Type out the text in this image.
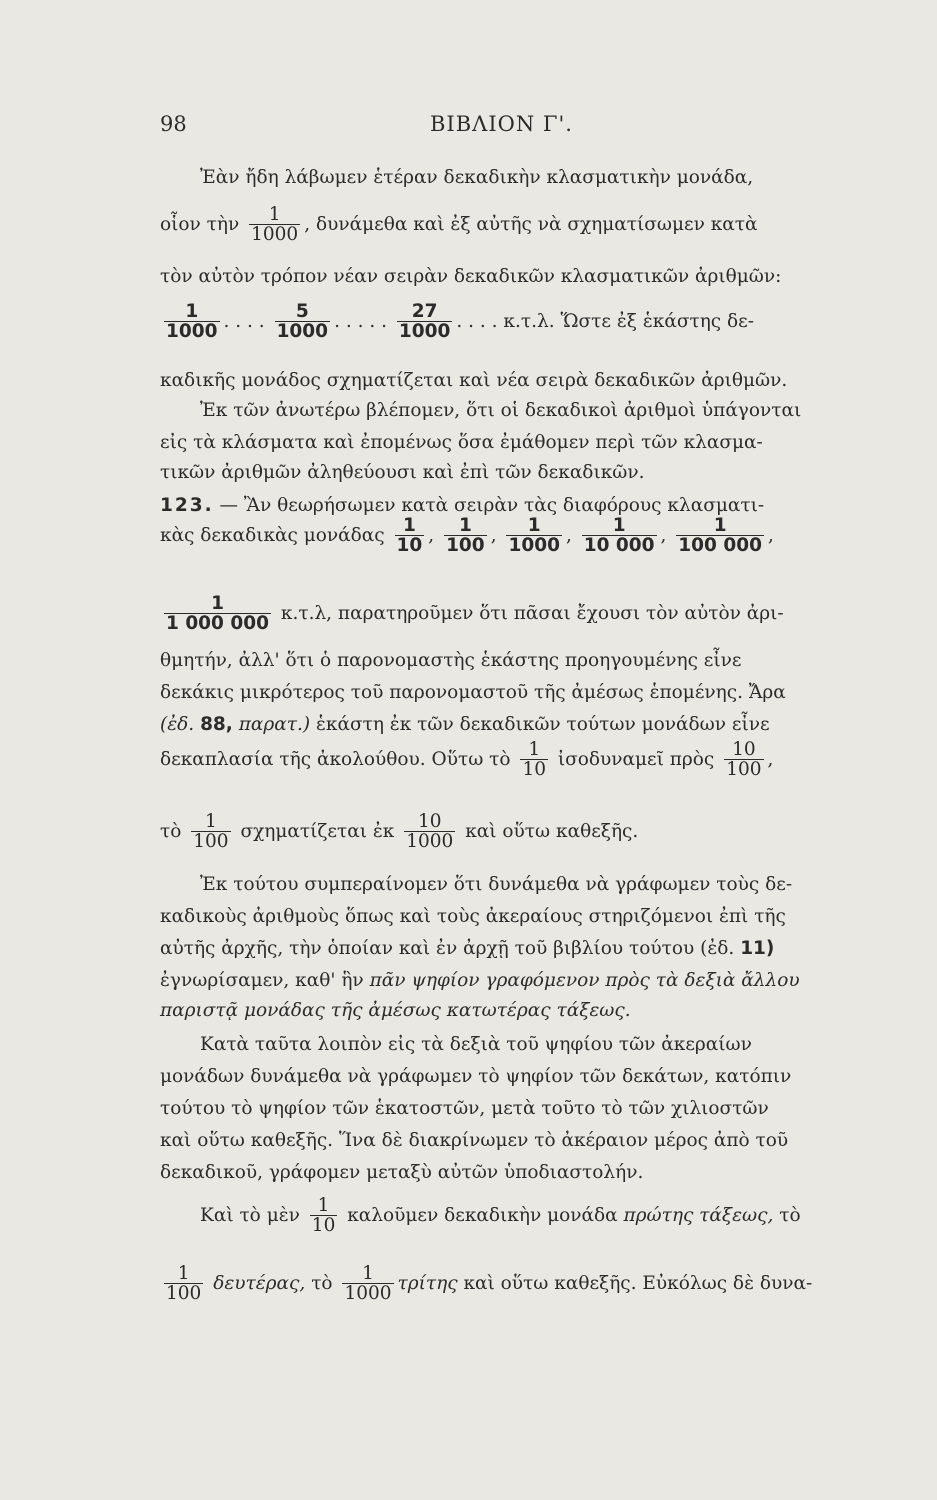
98	ΒΙΒΛΙΟΝ Γ'.
Ἐὰν ἤδη λάβωμεν ἑτέραν δεκαδικὴν κλασματικὴν μονάδα,
οἷον τὴν $\frac{1}{1000}$ , δυνάμεθα καὶ ἐξ αὐτῆς νὰ σχηματίσωμεν κατὰ
τὸν αὐτὸν τρόπον νέαν σειρὰν δεκαδικῶν κλασματικῶν ἀριθμῶν:
$\frac{1}{1000}$ . . . . $\frac{5}{1000}$ . . . . . $\frac{27}{1000}$ . . . . κ.τ.λ. Ὥστε ἐξ ἑκάστης δε-
καδικῆς μονάδος σχηματίζεται καὶ νέα σειρὰ δεκαδικῶν ἀριθμῶν.
Ἐκ τῶν ἀνωτέρω βλέπομεν, ὅτι οἱ δεκαδικοὶ ἀριθμοὶ ὑπάγονται
εἰς τὰ κλάσματα καὶ ἐπομένως ὅσα ἐμάθομεν περὶ τῶν κλασμα-
τικῶν ἀριθμῶν ἀληθεύουσι καὶ ἐπὶ τῶν δεκαδικῶν.
123. — Ἂν θεωρήσωμεν κατὰ σειρὰν τὰς διαφόρους κλασματι-
κὰς δεκαδικὰς μονάδας $\frac{1}{10}$ , $\frac{1}{100}$ , $\frac{1}{1000}$ , $\frac{1}{10 000}$ , $\frac{1}{100 000}$ ,
$\frac{1}{1 000 000} \kappa.\tau.\lambda$, παρατηροῦμεν ὅτι πᾶσαι ἔχουσι τὸν αὐτὸν ἀρι-
θμητήν, ἀλλ' ὅτι ὁ παρονομαστὴς ἑκάστης προηγουμένης εἶνε
δεκάκις μικρότερος τοῦ παρονομαστοῦ τῆς ἀμέσως ἑπομένης. Ἄρα
(ἐδ. 88, παρατ.) ἑκάστη ἐκ τῶν δεκαδικῶν τούτων μονάδων εἶνε
δεκαπλασία τῆς ἀκολούθου. Οὕτω τὸ $\frac{1}{10}$ ἰσοδυναμεῖ πρὸς $\frac{10}{100}$ ,
τὸ $\frac{1}{100}$ σχηματίζεται ἐκ $\frac{10}{1000}$ καὶ οὕτω καθεξῆς.
Ἐκ τούτου συμπεραίνομεν ὅτι δυνάμεθα νὰ γράφωμεν τοὺς δε-
καδικοὺς ἀριθμοὺς ὅπως καὶ τοὺς ἀκεραίους στηριζόμενοι ἐπὶ τῆς
αὐτῆς ἀρχῆς, τὴν ὁποίαν καὶ ἐν ἀρχῇ τοῦ βιβλίου τούτου (ἐδ. 11)
ἐγνωρίσαμεν, καθ' ἣν πᾶν ψηφίον γραφόμενον πρὸς τὰ δεξιὰ ἄλλου
παριστᾷ μονάδας τῆς ἀμέσως κατωτέρας τάξεως.
Κατὰ ταῦτα λοιπὸν εἰς τὰ δεξιὰ τοῦ ψηφίου τῶν ἀκεραίων
μονάδων δυνάμεθα νὰ γράφωμεν τὸ ψηφίον τῶν δεκάτων, κατόπιν
τούτου τὸ ψηφίον τῶν ἑκατοστῶν, μετὰ τοῦτο τὸ τῶν χιλιοστῶν
καὶ οὕτω καθεξῆς. Ἵνα δὲ διακρίνωμεν τὸ ἀκέραιον μέρος ἀπὸ τοῦ
δεκαδικοῦ, γράφομεν μεταξὺ αὐτῶν ὑποδιαστολήν.
Καὶ τὸ μὲν $\frac{1}{10}$ καλοῦμεν δεκαδικὴν μονάδα πρώτης τάξεως, τὸ
$\frac{1}{100} \delta\varepsilon\upsilon\tau έ\rho\alpha\varsigma$, τὸ $\frac{1}{1000}$ τρίτης καὶ οὕτω καθεξῆς. Εὐκόλως δὲ δυνα-
